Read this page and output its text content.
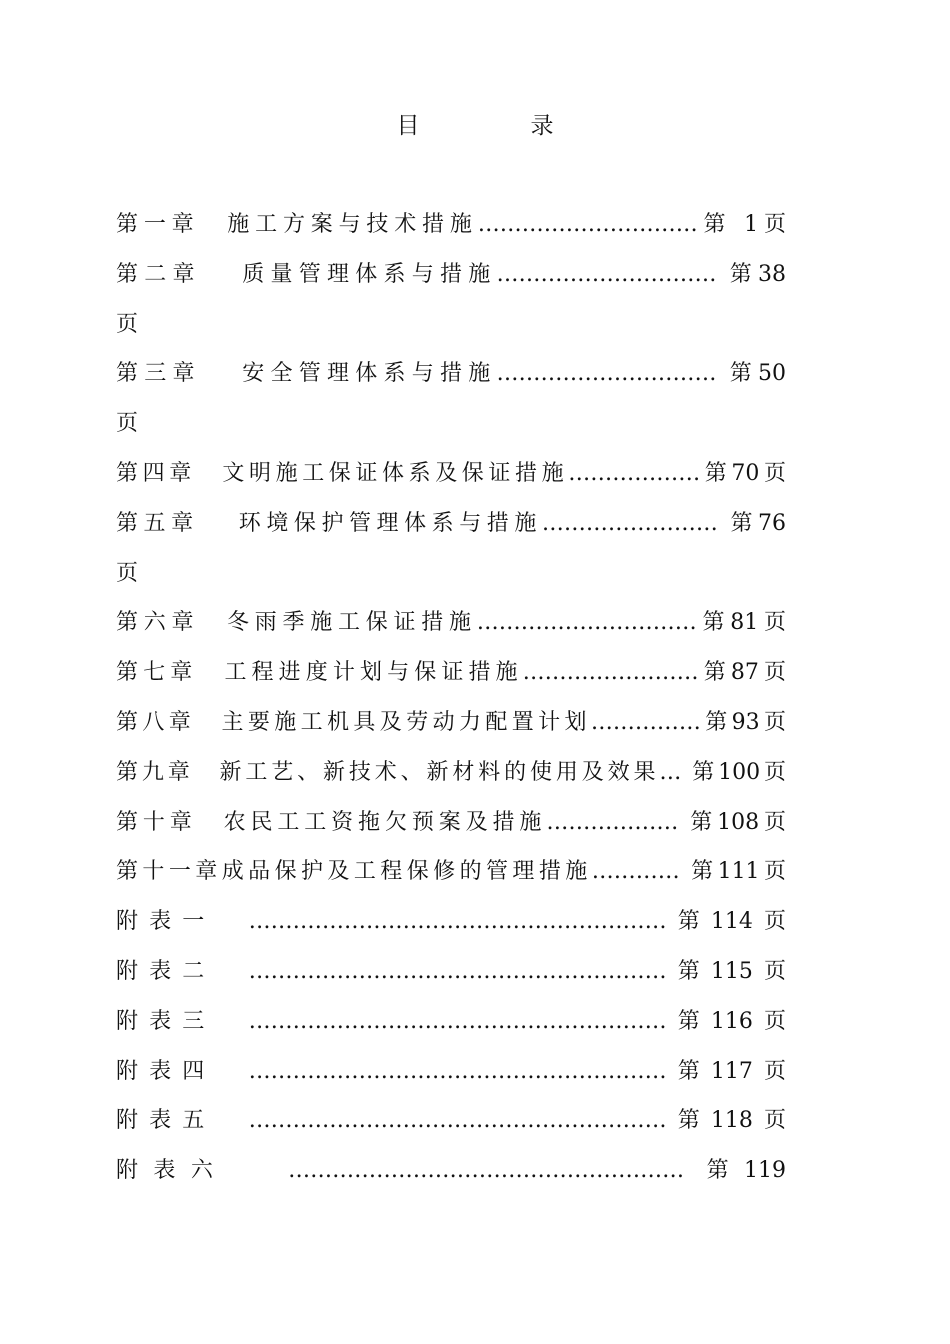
目　录
第一章　施工方案与技术措施…………………………第 1页
第二章　 质量管理体系与措施………………………… 第38
页
第三章　 安全管理体系与措施………………………… 第50
页
第四章　文明施工保证体系及保证措施………………第70页
第五章　 环境保护管理体系与措施…………………… 第76
页
第六章　冬雨季施工保证措施…………………………第81页
第七章　工程进度计划与保证措施……………………第87页
第八章　主要施工机具及劳动力配置计划……………第93页
第九章　新工艺、新技术、新材料的使用及效果… 第100页
第十章　农民工工资拖欠预案及措施……………… 第108页
第十一章成品保护及工程保修的管理措施………… 第111页
附表一　…………………………………………………第114页
附表二　…………………………………………………第115页
附表三　…………………………………………………第116页
附表四　…………………………………………………第117页
附表五　…………………………………………………第118页
附表六　 ……………………………………………… 第119
